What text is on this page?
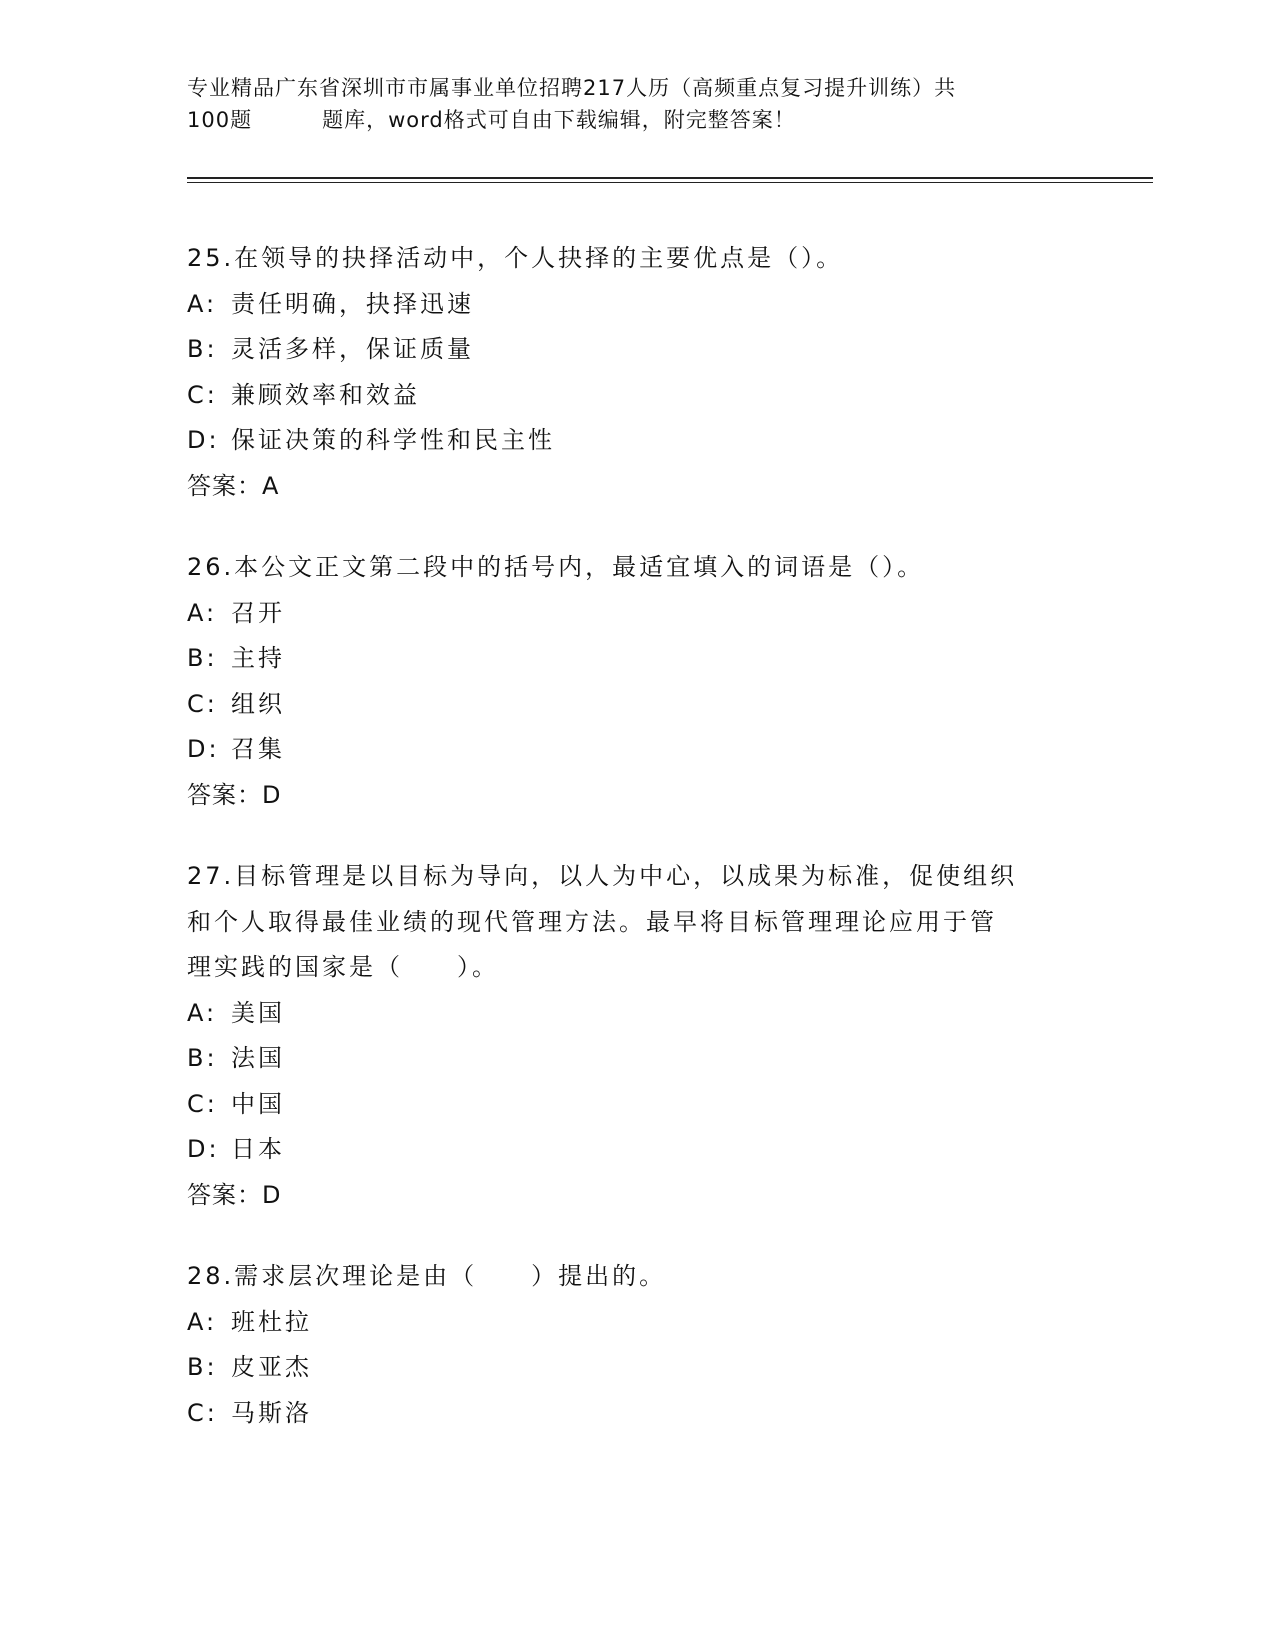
专业精品广东省深圳市市属事业单位招聘217人历（高频重点复习提升训练）共
100题	题库，word格式可自由下载编辑，附完整答案！
25.在领导的抉择活动中，个人抉择的主要优点是（）。
A: 责任明确，抉择迅速
B: 灵活多样，保证质量
C: 兼顾效率和效益
D: 保证决策的科学性和民主性
答案：A
26.本公文正文第二段中的括号内，最适宜填入的词语是（）。
A: 召开
B: 主持
C: 组织
D: 召集
答案：D
27.目标管理是以目标为导向，以人为中心，以成果为标准，促使组织
和个人取得最佳业绩的现代管理方法。最早将目标管理理论应用于管
理实践的国家是（　　）。
A: 美国
B: 法国
C: 中国
D: 日本
答案：D
28.需求层次理论是由（　　）提出的。
A: 班杜拉
B: 皮亚杰
C: 马斯洛
